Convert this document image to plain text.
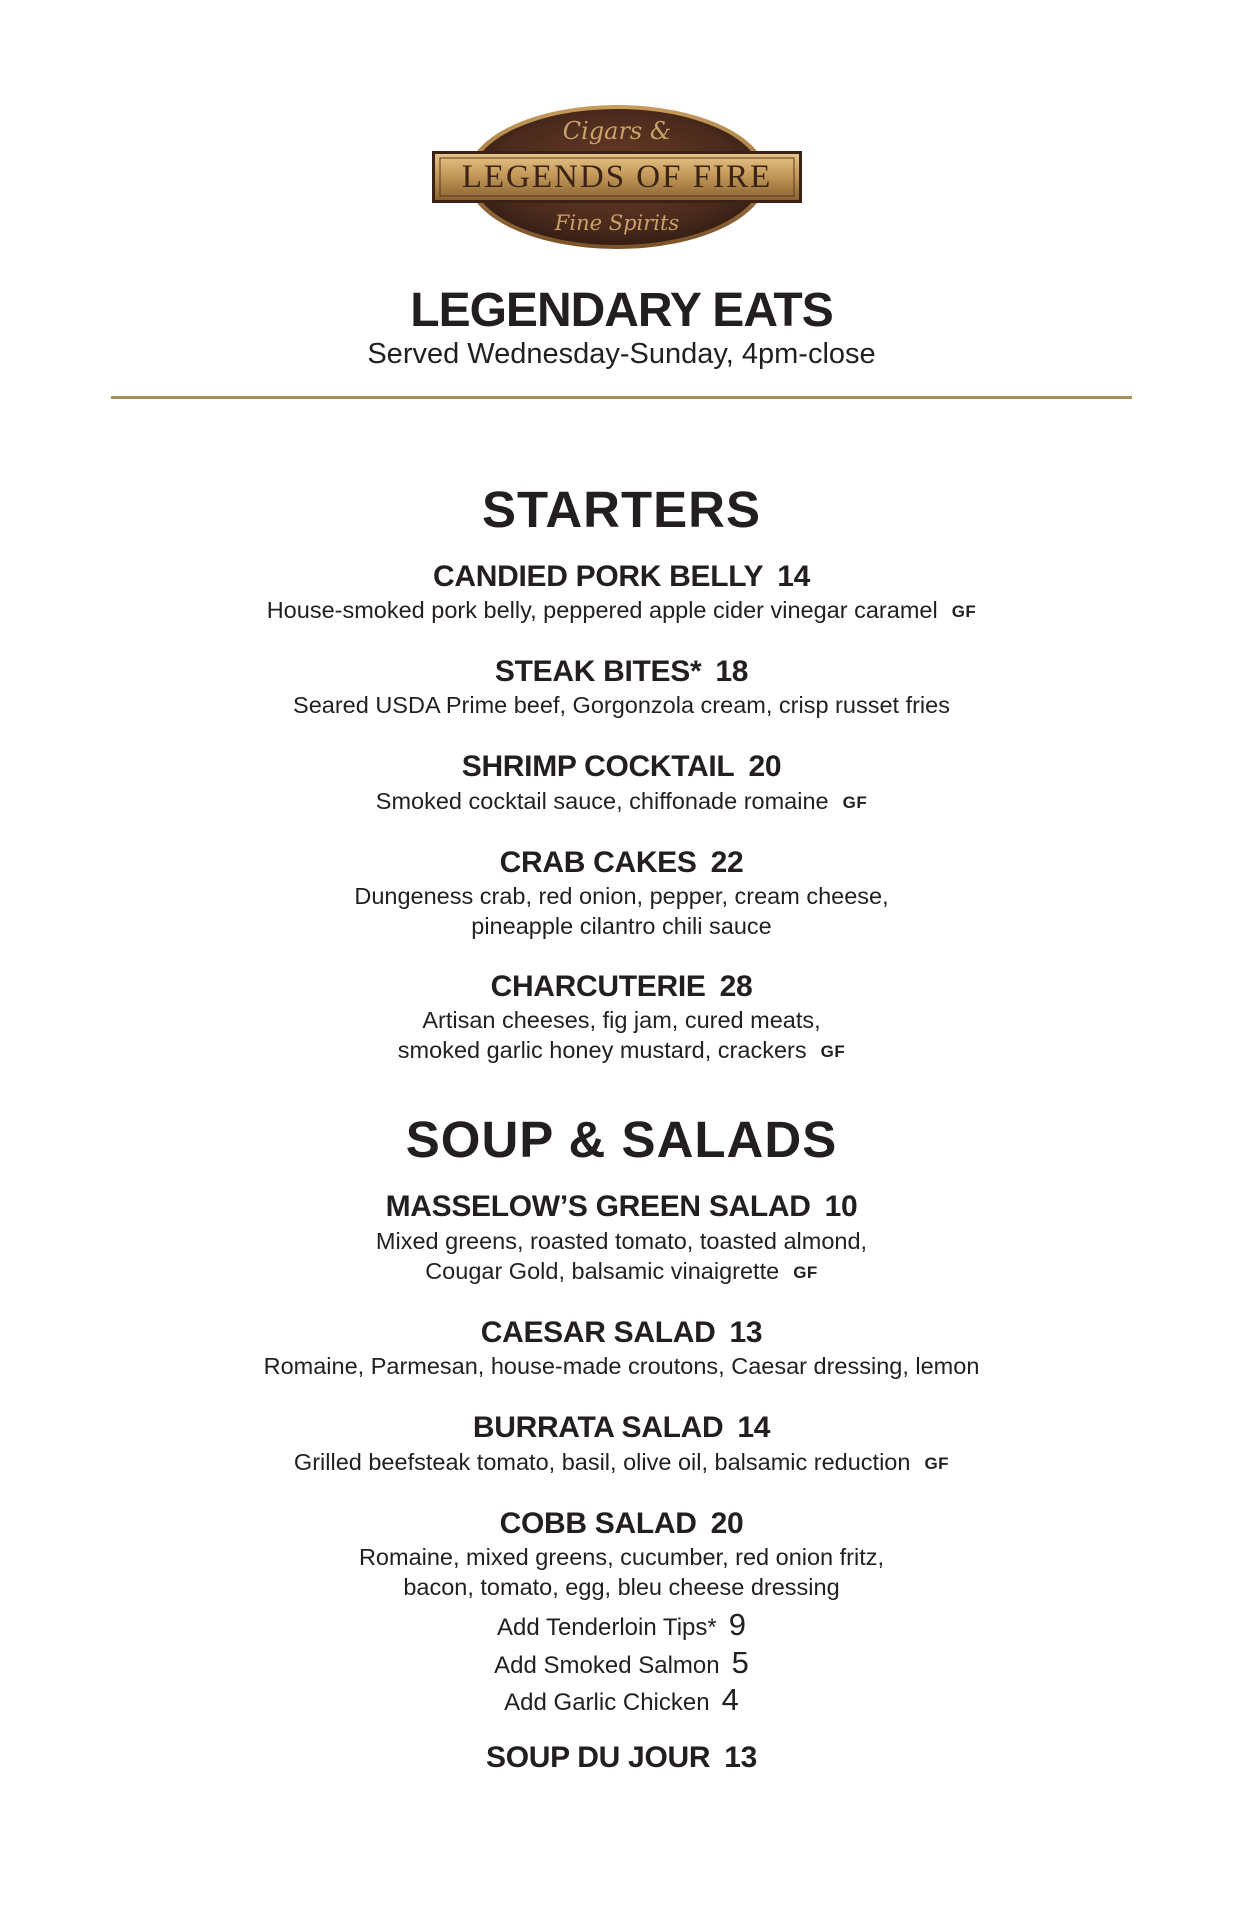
Cigars &
LEGENDS OF FIRE
Fine Spirits
LEGENDARY EATS
Served Wednesday-Sunday, 4pm-close
STARTERS
CANDIED PORK BELLY 14
House-smoked pork belly, peppered apple cider vinegar caramel GF
STEAK BITES* 18
Seared USDA Prime beef, Gorgonzola cream, crisp russet fries
SHRIMP COCKTAIL 20
Smoked cocktail sauce, chiffonade romaine GF
CRAB CAKES 22
Dungeness crab, red onion, pepper, cream cheese,
pineapple cilantro chili sauce
CHARCUTERIE 28
Artisan cheeses, fig jam, cured meats,
smoked garlic honey mustard, crackers GF
SOUP & SALADS
MASSELOW’S GREEN SALAD 10
Mixed greens, roasted tomato, toasted almond,
Cougar Gold, balsamic vinaigrette GF
CAESAR SALAD 13
Romaine, Parmesan, house-made croutons, Caesar dressing, lemon
BURRATA SALAD 14
Grilled beefsteak tomato, basil, olive oil, balsamic reduction GF
COBB SALAD 20
Romaine, mixed greens, cucumber, red onion fritz,
bacon, tomato, egg, bleu cheese dressing
Add Tenderloin Tips* 9
Add Smoked Salmon 5
Add Garlic Chicken 4
SOUP DU JOUR 13
